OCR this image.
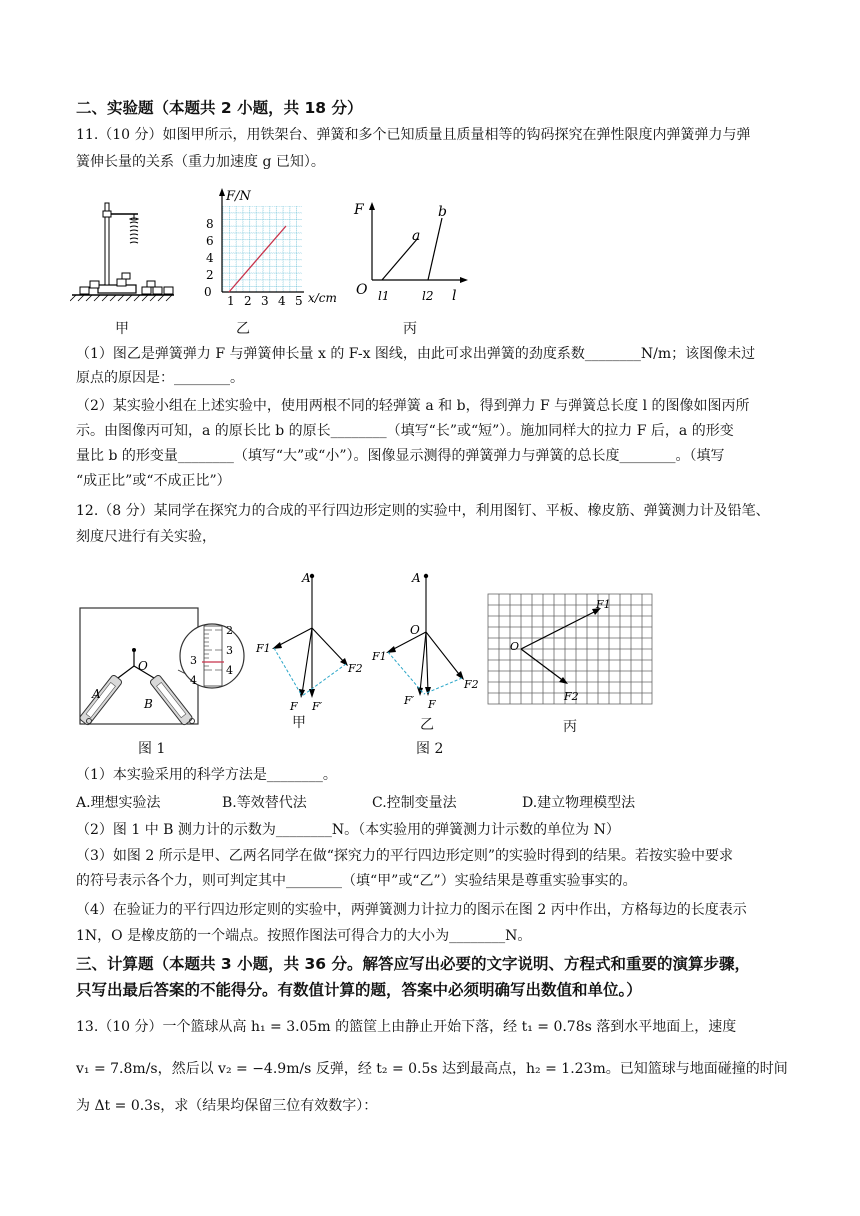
二、实验题（本题共 2 小题，共 18 分）
11.（10 分）如图甲所示，用铁架台、弹簧和多个已知质量且质量相等的钩码探究在弹性限度内弹簧弹力与弹
簧伸长量的关系（重力加速度 g 已知）。
甲
F/N
x/cm
0
2
4
6
8
1 2 3 4 5
乙
F
O
a
b
l1	l2 l
丙
（1）图乙是弹簧弹力 F 与弹簧伸长量 x 的 F-x 图线，由此可求出弹簧的劲度系数________N/m；该图像未过
原点的原因是：________。
（2）某实验小组在上述实验中，使用两根不同的轻弹簧 a 和 b，得到弹力 F 与弹簧总长度 l 的图像如图丙所
示。由图像丙可知，a 的原长比 b 的原长________（填写“长”或“短”）。施加同样大的拉力 F 后，a 的形变
量比 b 的形变量________（填写“大”或“小”）。图像显示测得的弹簧弹力与弹簧的总长度________。（填写
“成正比”或“不成正比”）
12.（8 分）某同学在探究力的合成的平行四边形定则的实验中，利用图钉、平板、橡皮筋、弹簧测力计及铅笔、
刻度尺进行有关实验，
O
A
B
3
4
2
3
4
图 1
A
F1
F2
F F′
甲
A
O
F1
F2
F′ F
乙
O
F1
F2
丙
图 2
（1）本实验采用的科学方法是________。
A.理想实验法	B.等效替代法	C.控制变量法	D.建立物理模型法
（2）图 1 中 B 测力计的示数为________N。（本实验用的弹簧测力计示数的单位为 N）
（3）如图 2 所示是甲、乙两名同学在做“探究力的平行四边形定则”的实验时得到的结果。若按实验中要求
的符号表示各个力，则可判定其中________（填“甲”或“乙”）实验结果是尊重实验事实的。
（4）在验证力的平行四边形定则的实验中，两弹簧测力计拉力的图示在图 2 丙中作出，方格每边的长度表示
1N，O 是橡皮筋的一个端点。按照作图法可得合力的大小为________N。
三、计算题（本题共 3 小题，共 36 分。解答应写出必要的文字说明、方程式和重要的演算步骤，
只写出最后答案的不能得分。有数值计算的题，答案中必须明确写出数值和单位。）
13.（10 分）一个篮球从高 h₁ = 3.05m 的篮筐上由静止开始下落，经 t₁ = 0.78s 落到水平地面上，速度
v₁ = 7.8m/s，然后以 v₂ = −4.9m/s 反弹，经 t₂ = 0.5s 达到最高点，h₂ = 1.23m。已知篮球与地面碰撞的时间
为 Δt = 0.3s，求（结果均保留三位有效数字）：
